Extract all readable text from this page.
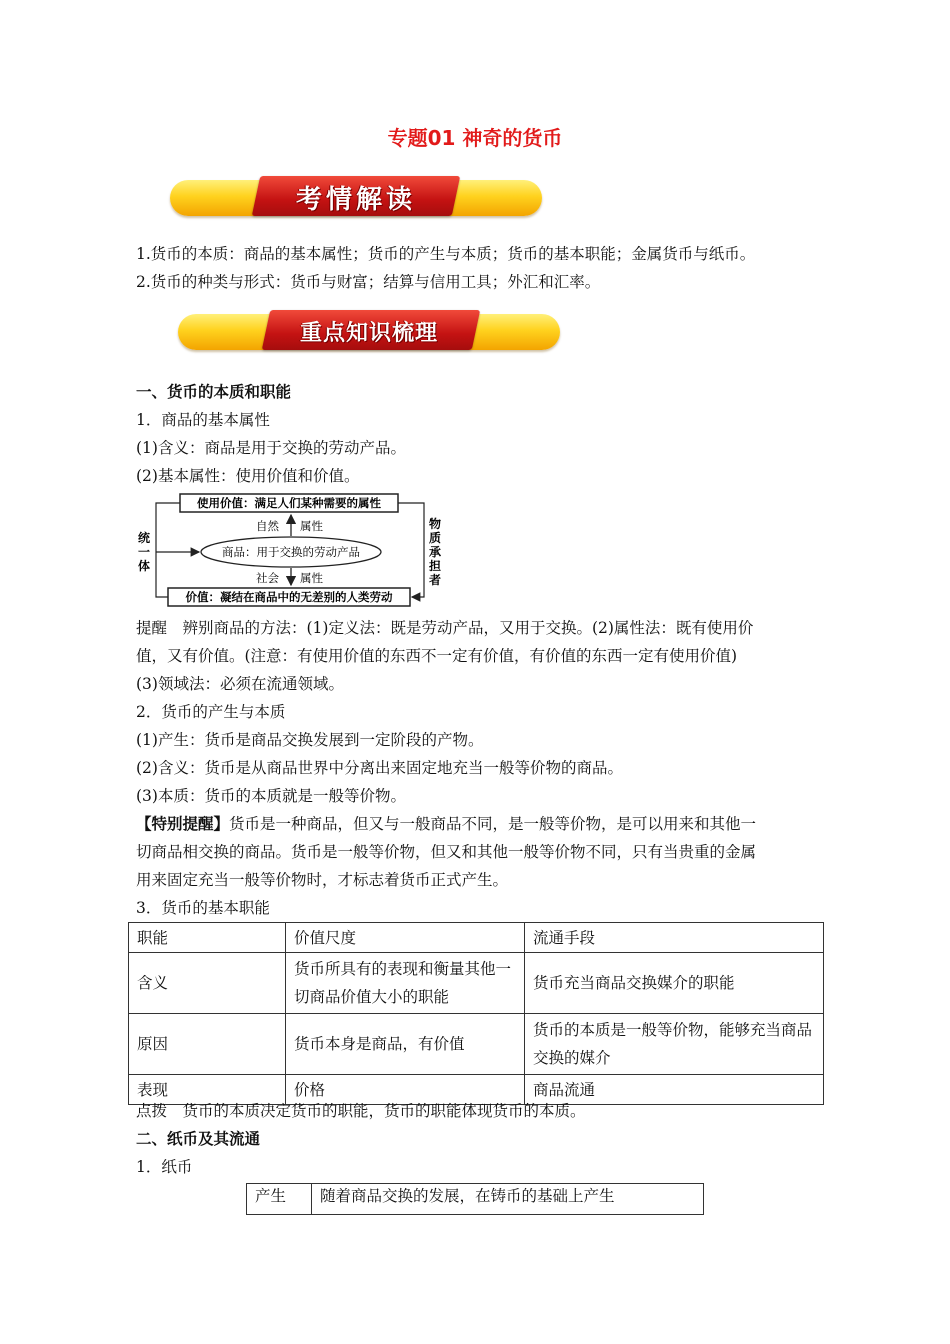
专题01 神奇的货币
考情解读
1.货币的本质：商品的基本属性；货币的产生与本质；货币的基本职能；金属货币与纸币。
2.货币的种类与形式：货币与财富；结算与信用工具；外汇和汇率。
重点知识梳理
一、货币的本质和职能
1．商品的基本属性
(1)含义：商品是用于交换的劳动产品。
(2)基本属性：使用价值和价值。
使用价值：满足人们某种需要的属性
商品：用于交换的劳动产品
价值：凝结在商品中的无差别的人类劳动
自然 属性
社会 属性
统
一
体
物
质
承
担
者
提醒　辨别商品的方法：(1)定义法：既是劳动产品，又用于交换。(2)属性法：既有使用价
值，又有价值。(注意：有使用价值的东西不一定有价值，有价值的东西一定有使用价值)
(3)领域法：必须在流通领域。
2．货币的产生与本质
(1)产生：货币是商品交换发展到一定阶段的产物。
(2)含义：货币是从商品世界中分离出来固定地充当一般等价物的商品。
(3)本质：货币的本质就是一般等价物。
【特别提醒】货币是一种商品，但又与一般商品不同，是一般等价物，是可以用来和其他一
切商品相交换的商品。货币是一般等价物，但又和其他一般等价物不同，只有当贵重的金属
用来固定充当一般等价物时，才标志着货币正式产生。
3．货币的基本职能
职能	价值尺度	流通手段
含义	货币所具有的表现和衡量其他一切商品价值大小的职能	货币充当商品交换媒介的职能
原因	货币本身是商品，有价值	货币的本质是一般等价物，能够充当商品交换的媒介
表现	价格	商品流通
点拨　货币的本质决定货币的职能，货币的职能体现货币的本质。
二、纸币及其流通
1．纸币
产生	随着商品交换的发展，在铸币的基础上产生
